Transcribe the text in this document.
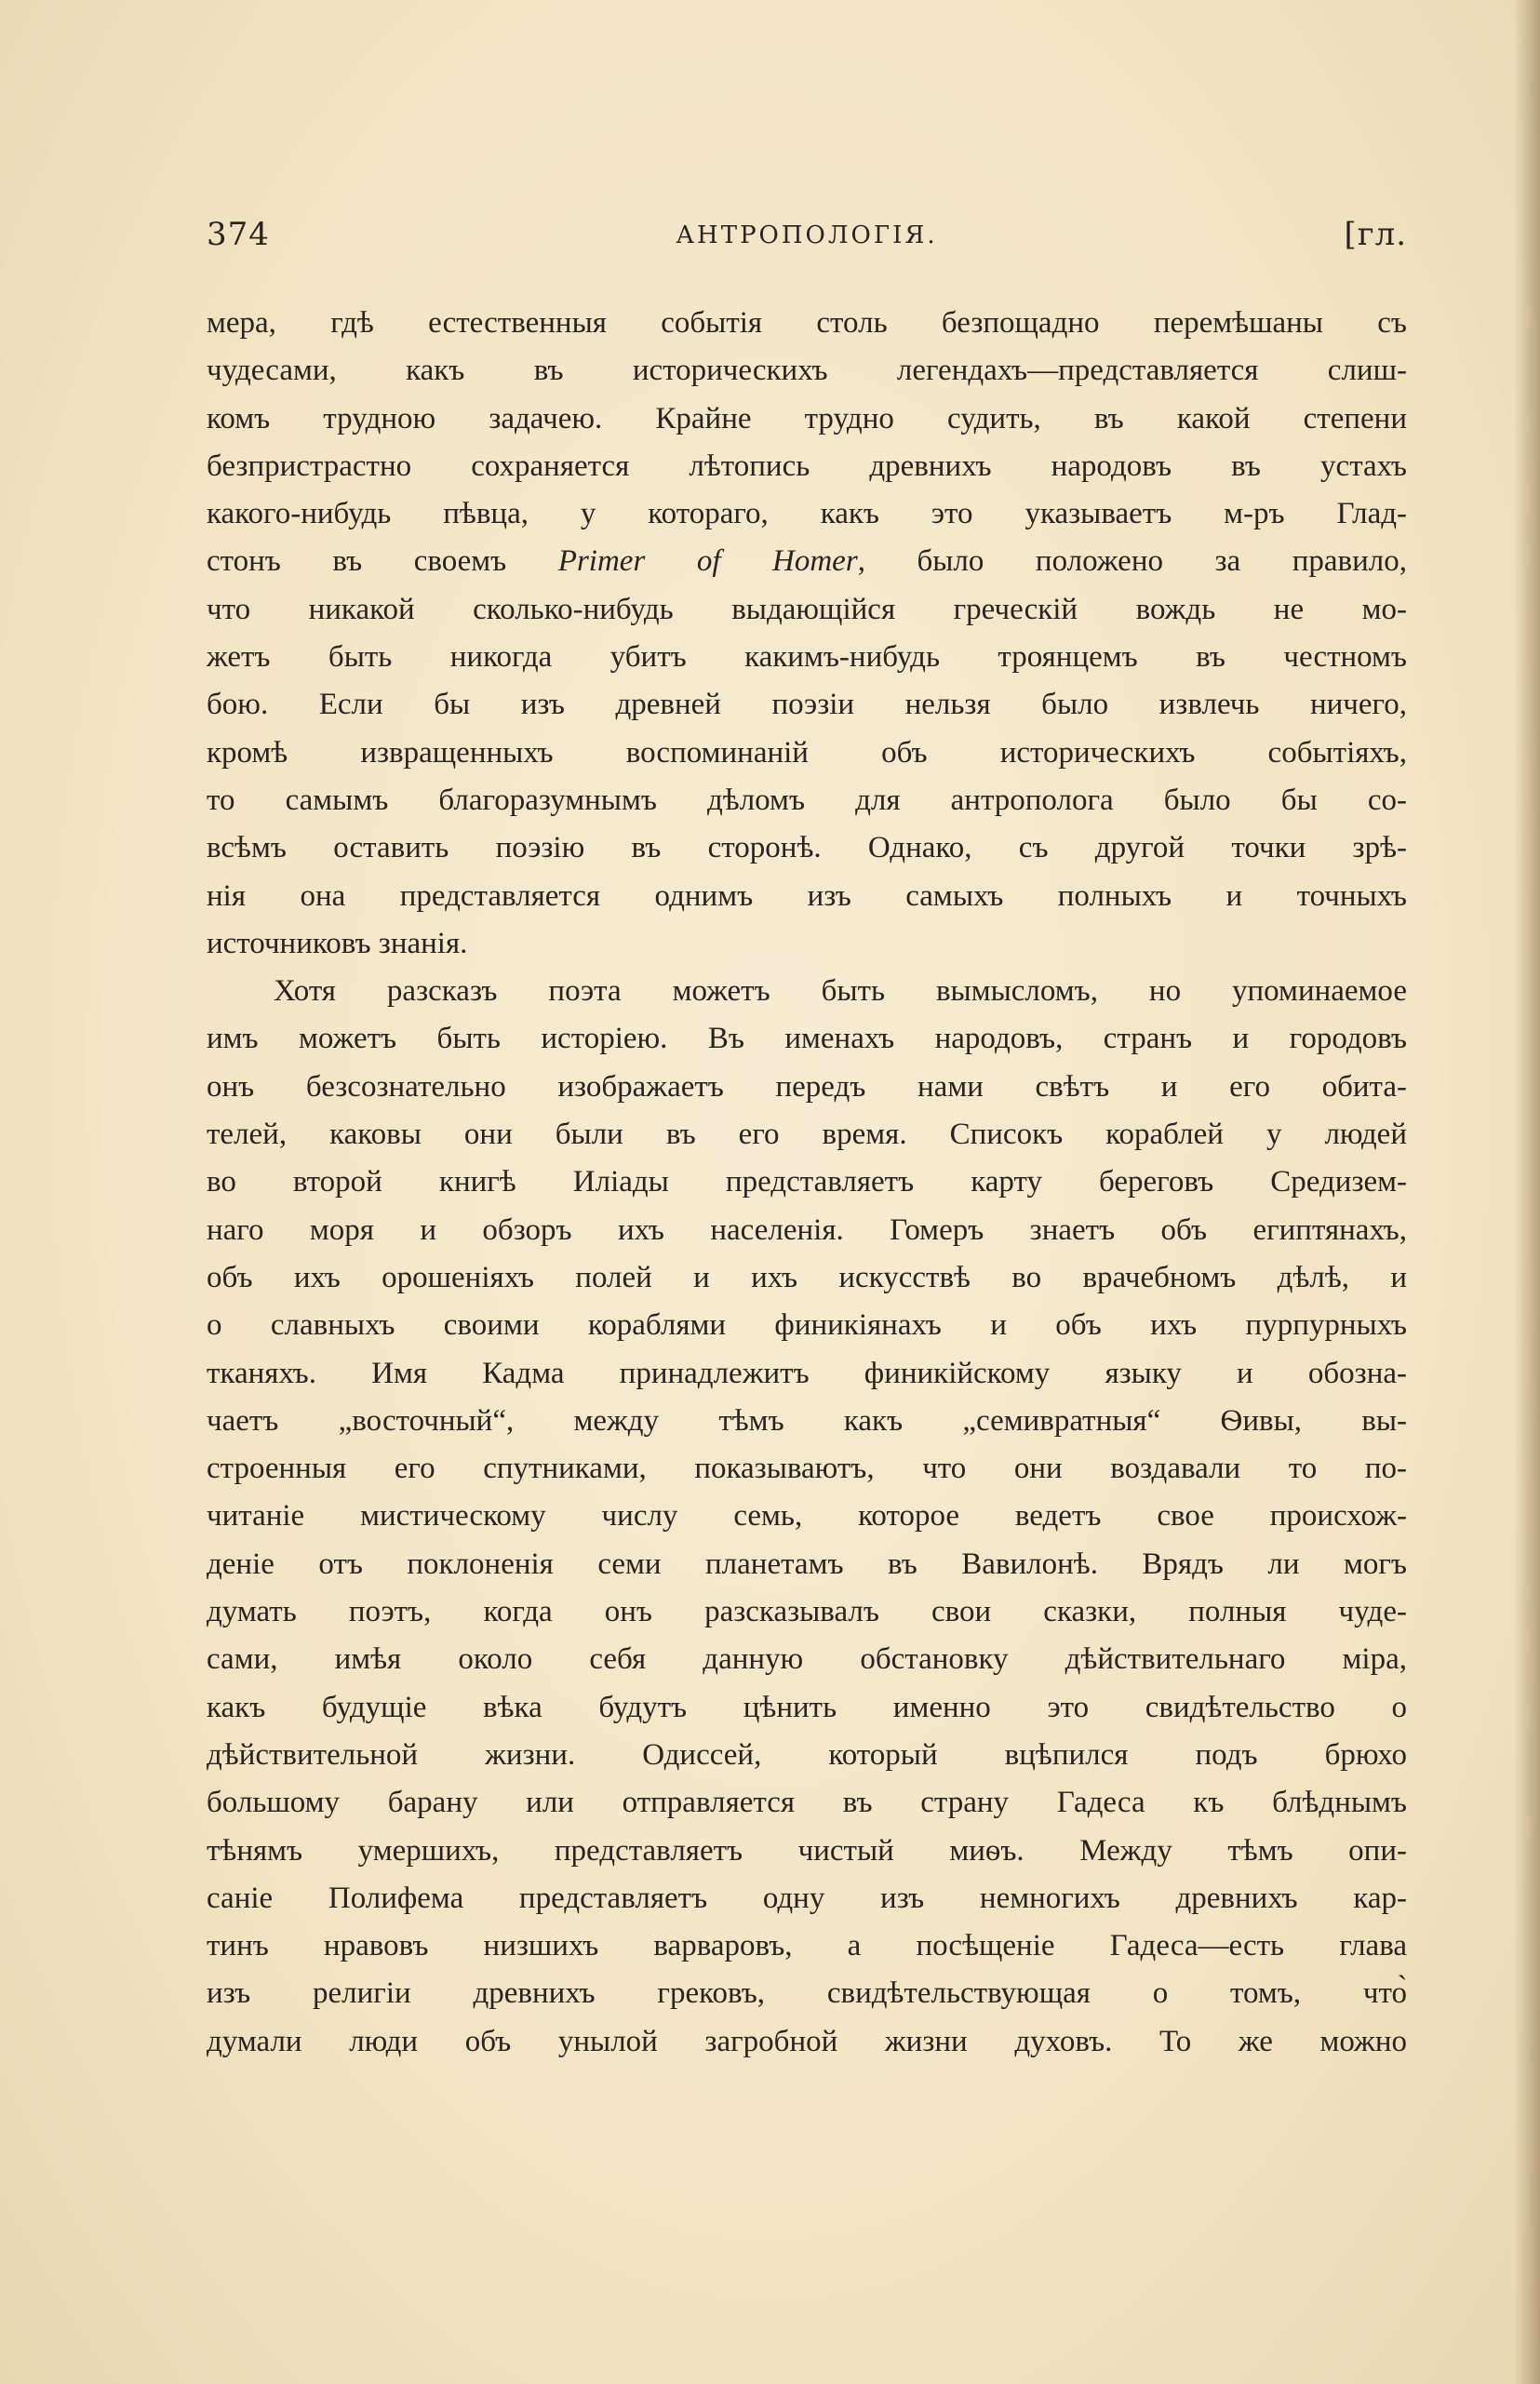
374	АНТРОПОЛОГІЯ.	[гл.
мера, гдѣ естественныя событія столь безпощадно перемѣшаны съ
чудесами, какъ въ историческихъ легендахъ—представляется слиш-
комъ трудною задачею. Крайне трудно судить, въ какой степени
безпристрастно сохраняется лѣтопись древнихъ народовъ въ устахъ
какого-нибудь пѣвца, у котораго, какъ это указываетъ м-ръ Глад-
стонъ въ своемъ Primer of Homer, было положено за правило,
что никакой сколько-нибудь выдающійся греческій вождь не мо-
жетъ быть никогда убитъ какимъ-нибудь троянцемъ въ честномъ
бою. Если бы изъ древней поэзіи нельзя было извлечь ничего,
кромѣ извращенныхъ воспоминаній объ историческихъ событіяхъ,
то самымъ благоразумнымъ дѣломъ для антрополога было бы со-
всѣмъ оставить поэзію въ сторонѣ. Однако, съ другой точки зрѣ-
нія она представляется однимъ изъ самыхъ полныхъ и точныхъ
источниковъ знанія.
Хотя разсказъ поэта можетъ быть вымысломъ, но упоминаемое
имъ можетъ быть исторіею. Въ именахъ народовъ, странъ и городовъ
онъ безсознательно изображаетъ передъ нами свѣтъ и его обита-
телей, каковы они были въ его время. Списокъ кораблей у людей
во второй книгѣ Иліады представляетъ карту береговъ Средизем-
наго моря и обзоръ ихъ населенія. Гомеръ знаетъ объ египтянахъ,
объ ихъ орошеніяхъ полей и ихъ искусствѣ во врачебномъ дѣлѣ, и
о славныхъ своими кораблями финикіянахъ и объ ихъ пурпурныхъ
тканяхъ. Имя Кадма принадлежитъ финикійскому языку и обозна-
чаетъ „восточный“, между тѣмъ какъ „семивратныя“ Ѳивы, вы-
строенныя его спутниками, показываютъ, что они воздавали то по-
читаніе мистическому числу семь, которое ведетъ свое происхож-
деніе отъ поклоненія семи планетамъ въ Вавилонѣ. Врядъ ли могъ
думать поэтъ, когда онъ разсказывалъ свои сказки, полныя чуде-
сами, имѣя около себя данную обстановку дѣйствительнаго міра,
какъ будущіе вѣка будутъ цѣнить именно это свидѣтельство о
дѣйствительной жизни. Одиссей, который вцѣпился подъ брюхо
большому барану или отправляется въ страну Гадеса къ блѣднымъ
тѣнямъ умершихъ, представляетъ чистый миѳъ. Между тѣмъ опи-
саніе Полифема представляетъ одну изъ немногихъ древнихъ кар-
тинъ нравовъ низшихъ варваровъ, а посѣщеніе Гадеса—есть глава
изъ религіи древнихъ грековъ, свидѣтельствующая о томъ, что̀
думали люди объ унылой загробной жизни духовъ. То же можно
